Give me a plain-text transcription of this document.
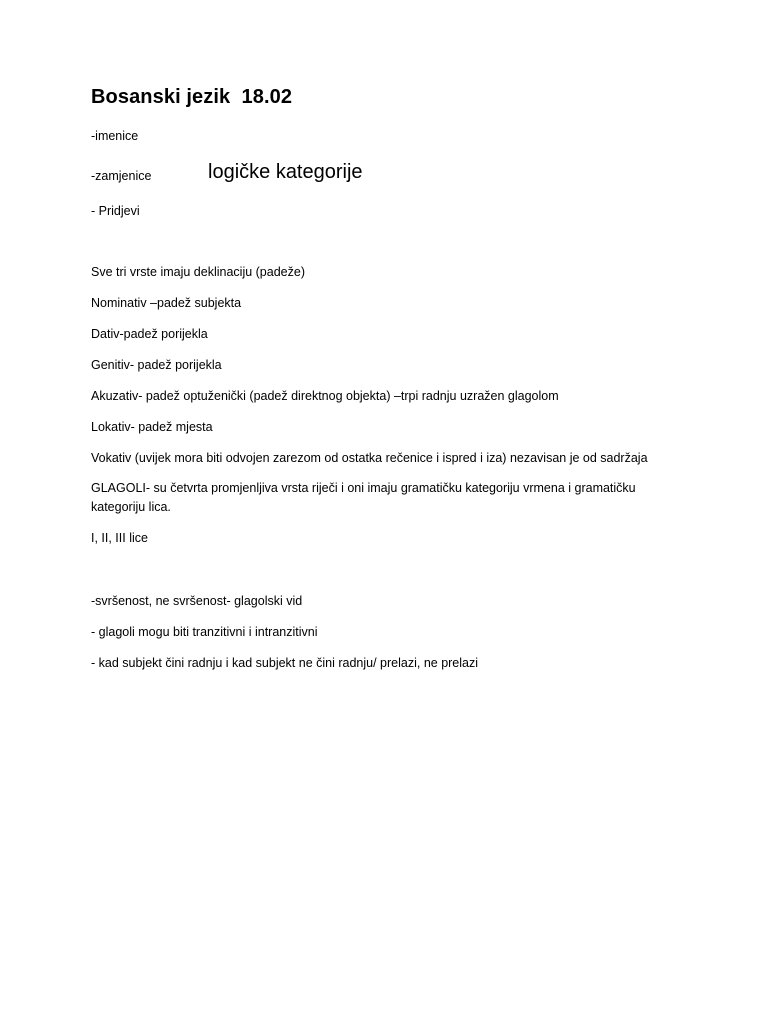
Bosanski jezik  18.02
-imenice
-zamjenice	logičke kategorije
- Pridjevi
Sve tri vrste imaju deklinaciju (padeže)
Nominativ –padež subjekta
Dativ-padež porijekla
Genitiv- padež porijekla
Akuzativ- padež optuženički (padež direktnog objekta) –trpi radnju uzražen glagolom
Lokativ- padež mjesta
Vokativ (uvijek mora biti odvojen zarezom od ostatka rečenice i ispred i iza) nezavisan je od sadržaja
GLAGOLI- su četvrta promjenljiva vrsta riječi i oni imaju gramatičku kategoriju vrmena i gramatičku kategoriju lica.
I, II, III lice
-svršenost, ne svršenost- glagolski vid
- glagoli mogu biti tranzitivni i intranzitivni
- kad subjekt čini radnju i kad subjekt ne čini radnju/ prelazi, ne prelazi
